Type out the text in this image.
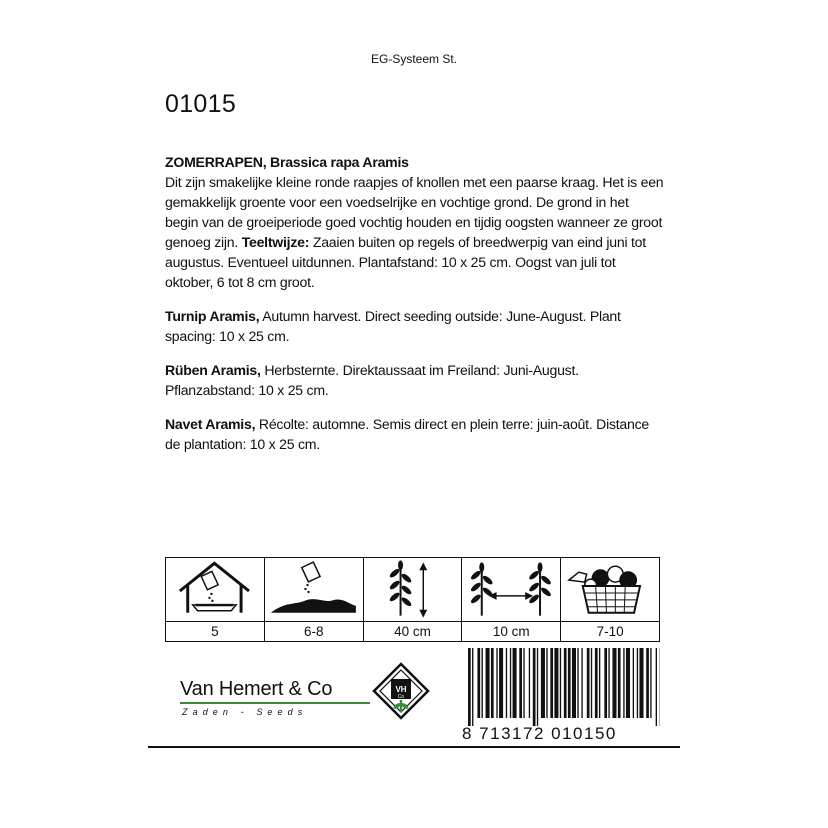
EG-Systeem St.
01015

ZOMERRAPEN, Brassica rapa Aramis
Dit zijn smakelijke kleine ronde raapjes of knollen met een paarse kraag. Het is een gemakkelijk groente voor een voedselrijke en vochtige grond. De grond in het begin van de groeiperiode goed vochtig houden en tijdig oogsten wanneer ze groot genoeg zijn. Teeltwijze: Zaaien buiten op regels of breedwerpig van eind juni tot augustus. Eventueel uitdunnen. Plantafstand: 10 x 25 cm. Oogst van juli tot oktober, 6 tot 8 cm groot.

Turnip Aramis, Autumn harvest. Direct seeding outside: June-August. Plant spacing: 10 x 25 cm.

Rüben Aramis, Herbsternte. Direktaussaat im Freiland: Juni-August. Pflanzabstand: 10 x 25 cm.

Navet Aramis, Récolte: automne. Semis direct en plein terre: juin-août. Distance de plantation: 10 x 25 cm.

5	6-8	40 cm	10 cm	7-10
Van Hemert & Co
Zaden - Seeds
VH
Co
8 713172 010150
